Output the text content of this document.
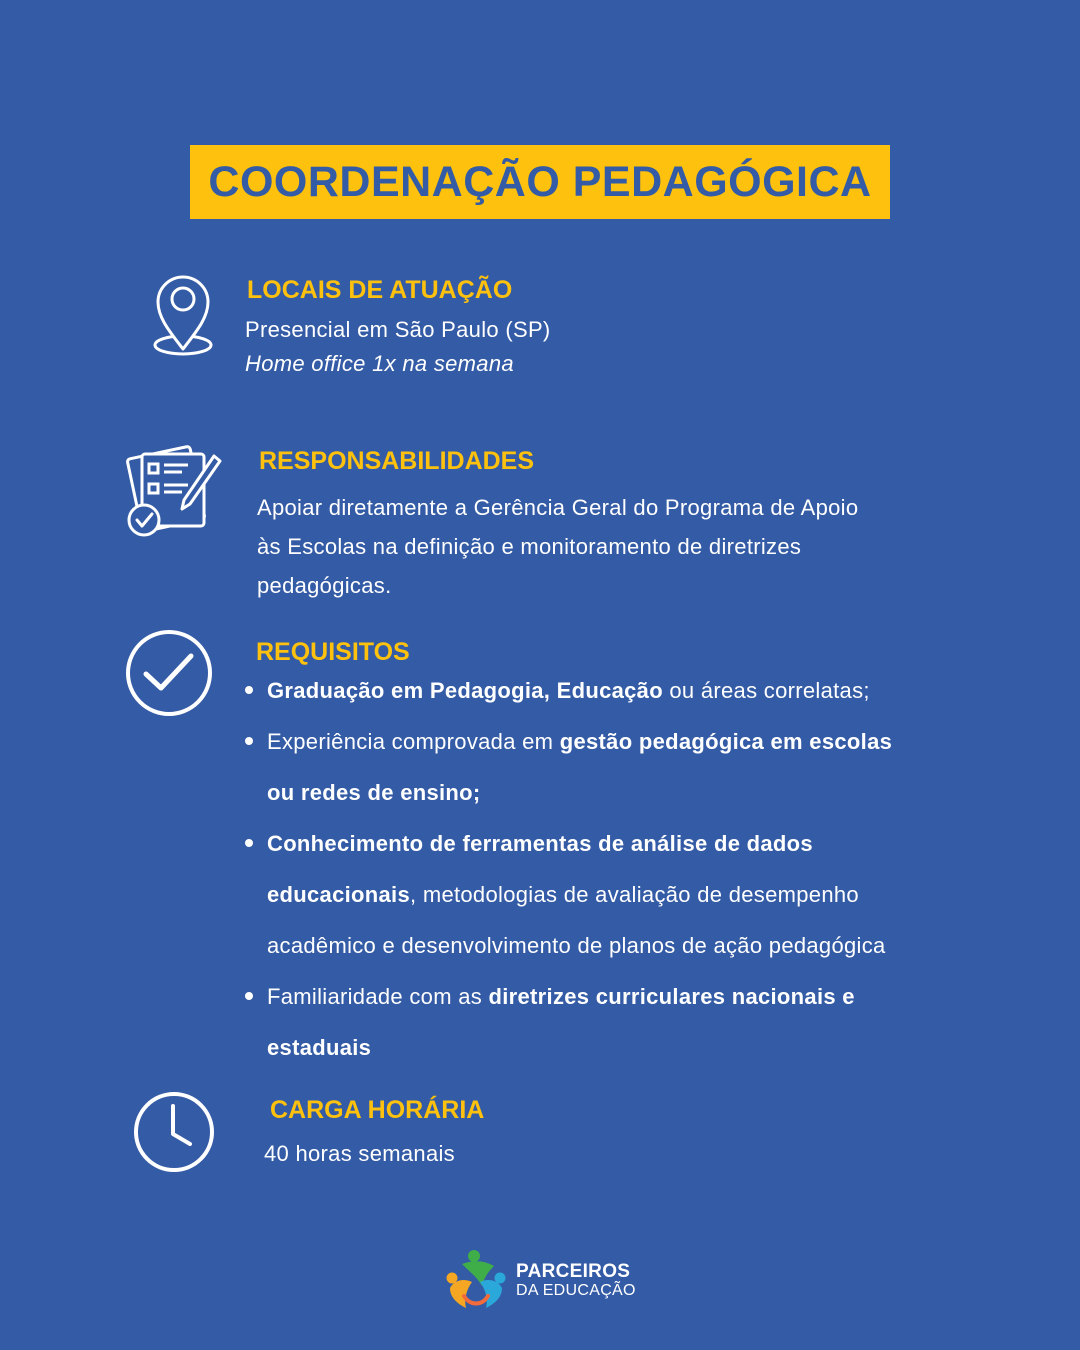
COORDENAÇÃO PEDAGÓGICA
LOCAIS DE ATUAÇÃO
Presencial em São Paulo (SP)
Home office 1x na semana
RESPONSABILIDADES
Apoiar diretamente a Gerência Geral do Programa de Apoio
às Escolas na definição e monitoramento de diretrizes
pedagógicas.
REQUISITOS
Graduação em Pedagogia, Educação ou áreas correlatas;
Experiência comprovada em gestão pedagógica em escolas
ou redes de ensino;
Conhecimento de ferramentas de análise de dados
educacionais, metodologias de avaliação de desempenho
acadêmico e desenvolvimento de planos de ação pedagógica
Familiaridade com as diretrizes curriculares nacionais e
estaduais
CARGA HORÁRIA
40 horas semanais
PARCEIROS
DA EDUCAÇÃO
